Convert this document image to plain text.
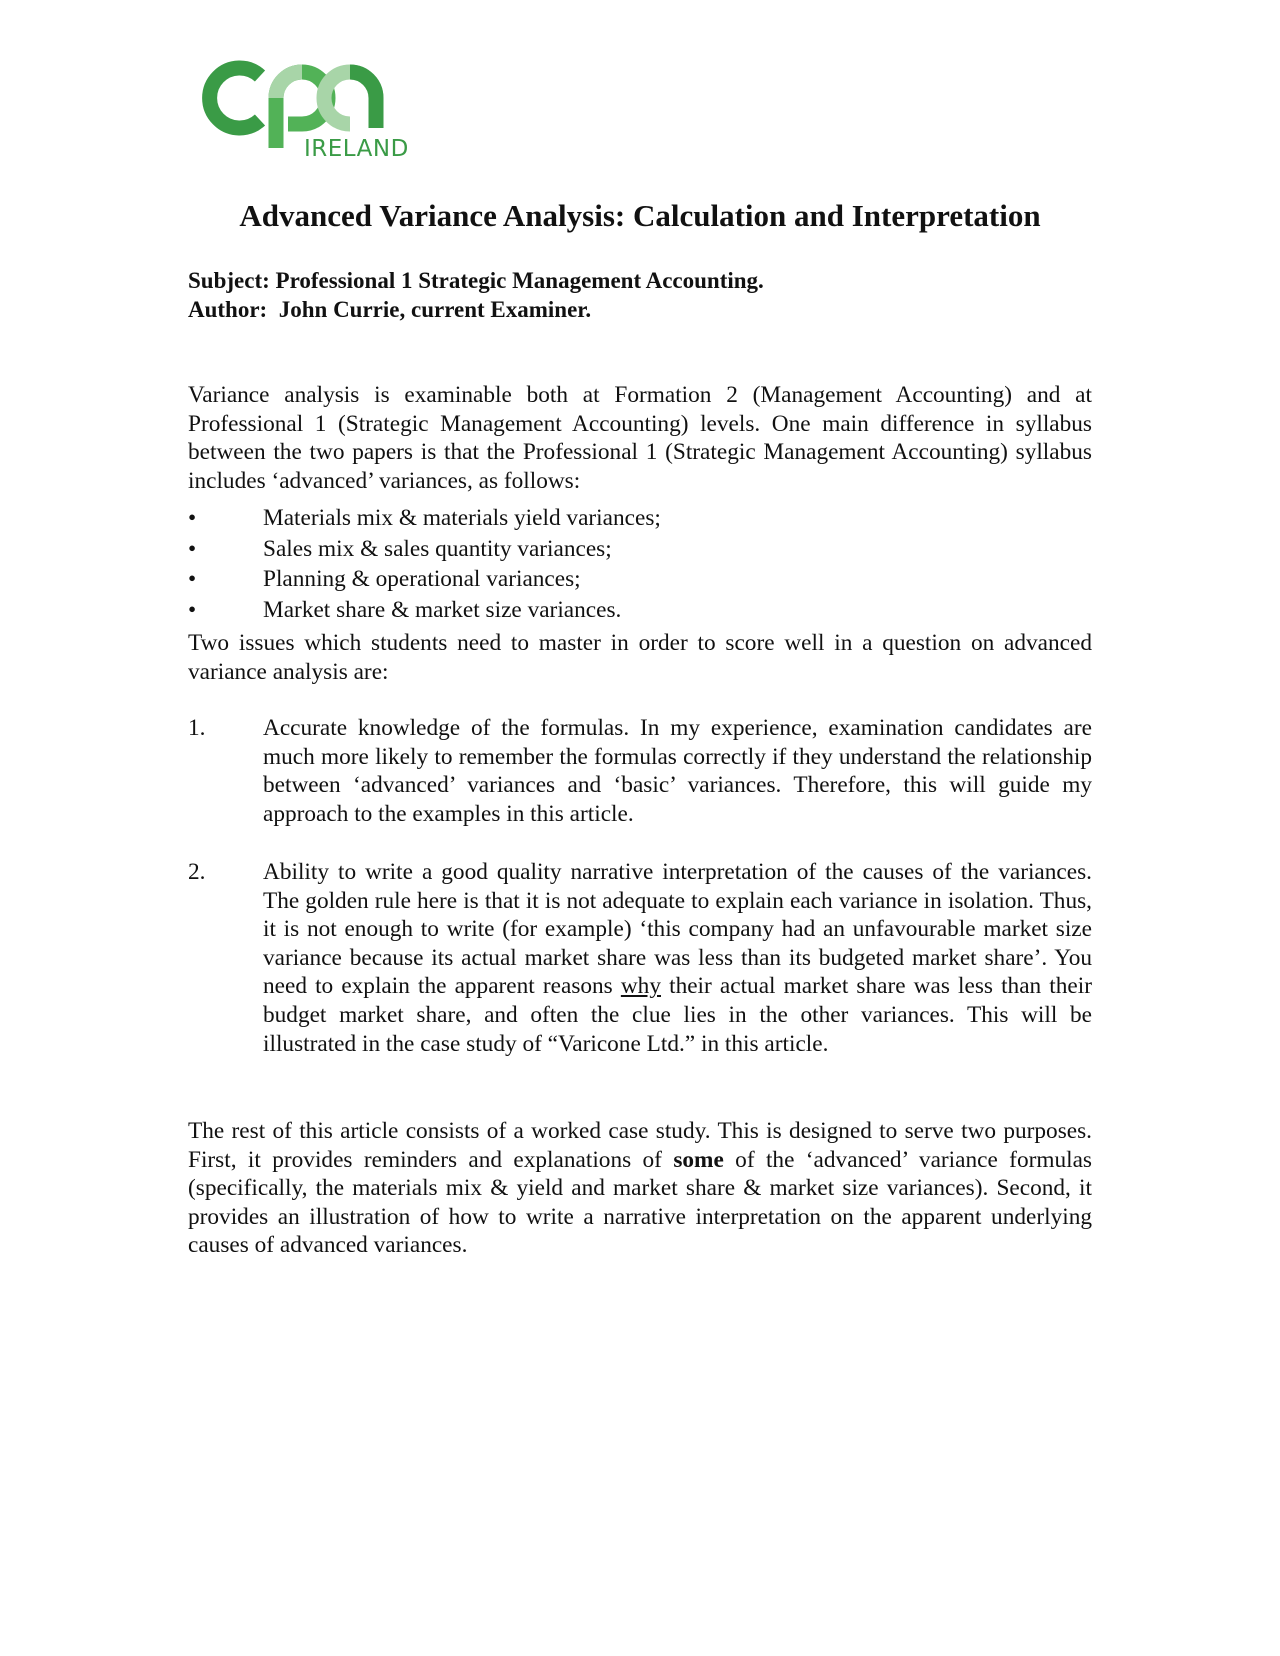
IRELAND
Advanced Variance Analysis: Calculation and Interpretation
Subject: Professional 1 Strategic Management Accounting.
Author: John Currie, current Examiner.

Variance analysis is examinable both at Formation 2 (Management Accounting) and at Professional 1 (Strategic Management Accounting) levels. One main difference in syllabus between the two papers is that the Professional 1 (Strategic Management Accounting) syllabus includes ‘advanced’ variances, as follows:

•	Materials mix & materials yield variances;
•	Sales mix & sales quantity variances;
•	Planning & operational variances;
•	Market share & market size variances.

Two issues which students need to master in order to score well in a question on advanced variance analysis are:

1. Accurate knowledge of the formulas. In my experience, examination candidates are much more likely to remember the formulas correctly if they understand the relationship between ‘advanced’ variances and ‘basic’ variances. Therefore, this will guide my approach to the examples in this article.
2. Ability to write a good quality narrative interpretation of the causes of the variances. The golden rule here is that it is not adequate to explain each variance in isolation. Thus, it is not enough to write (for example) ‘this company had an unfavourable market size variance because its actual market share was less than its budgeted market share’. You need to explain the apparent reasons why their actual market share was less than their budget market share, and often the clue lies in the other variances. This will be illustrated in the case study of “Varicone Ltd.” in this article.

The rest of this article consists of a worked case study. This is designed to serve two purposes. First, it provides reminders and explanations of some of the ‘advanced’ variance formulas (specifically, the materials mix & yield and market share & market size variances). Second, it provides an illustration of how to write a narrative interpretation on the apparent underlying causes of advanced variances.
